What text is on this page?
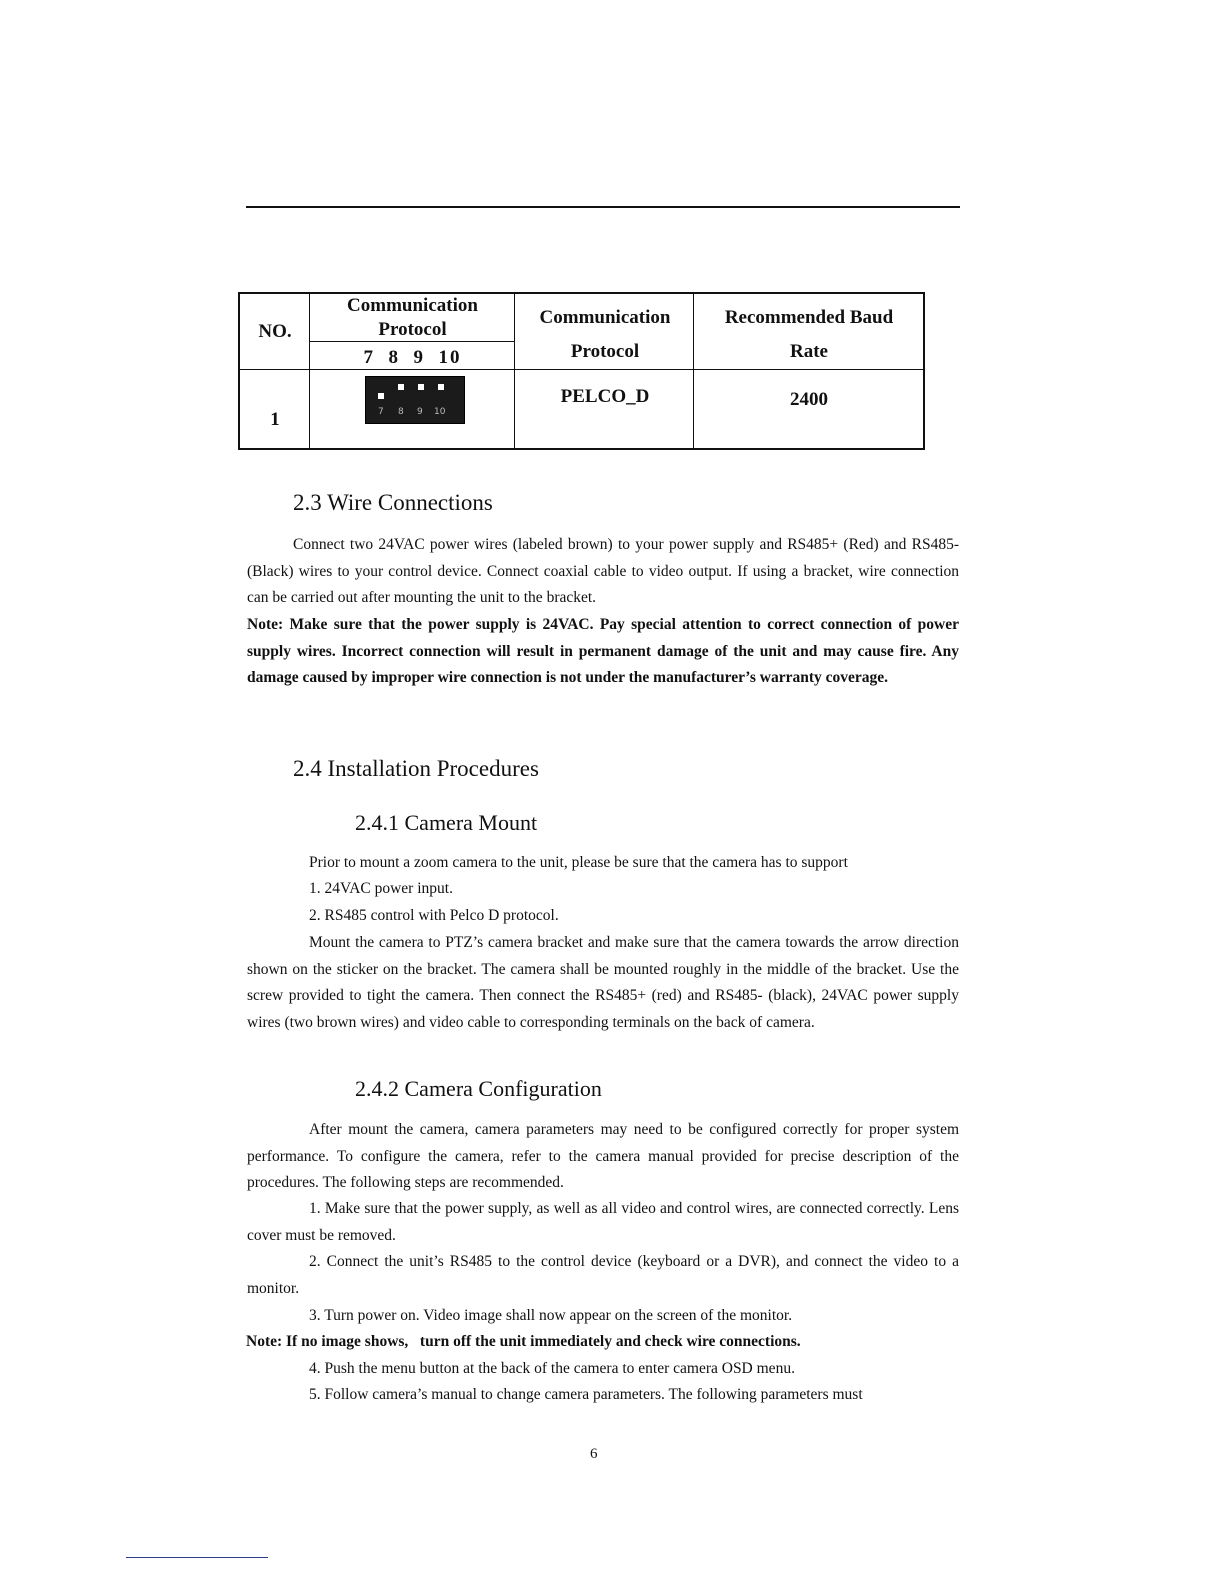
NO.
Communication Protocol
7  8  9  10
Communication
Protocol
Recommended Baud
Rate
1	7 8 9 10
PELCO_D	2400
2.3 Wire Connections
Connect two 24VAC power wires (labeled brown) to your power supply and RS485+ (Red) and RS485-(Black) wires to your control device. Connect coaxial cable to video output. If using a bracket, wire connection can be carried out after mounting the unit to the bracket.
Note: Make sure that the power supply is 24VAC. Pay special attention to correct connection of power supply wires. Incorrect connection will result in permanent damage of the unit and may cause fire. Any damage caused by improper wire connection is not under the manufacturer’s warranty coverage.
2.4 Installation Procedures
2.4.1 Camera Mount
Prior to mount a zoom camera to the unit, please be sure that the camera has to support
1. 24VAC power input.
2. RS485 control with Pelco D protocol.
Mount the camera to PTZ’s camera bracket and make sure that the camera towards the arrow direction shown on the sticker on the bracket. The camera shall be mounted roughly in the middle of the bracket. Use the screw provided to tight the camera. Then connect the RS485+ (red) and RS485- (black), 24VAC power supply wires (two brown wires) and video cable to corresponding terminals on the back of camera.
2.4.2 Camera Configuration
After mount the camera, camera parameters may need to be configured correctly for proper system performance. To configure the camera, refer to the camera manual provided for precise description of the procedures. The following steps are recommended.
1. Make sure that the power supply, as well as all video and control wires, are connected correctly. Lens cover must be removed.
2. Connect the unit’s RS485 to the control device (keyboard or a DVR), and connect the video to a monitor.
3. Turn power on. Video image shall now appear on the screen of the monitor.
Note: If no image shows,   turn off the unit immediately and check wire connections.
4. Push the menu button at the back of the camera to enter camera OSD menu.
5. Follow camera’s manual to change camera parameters. The following parameters must
6
